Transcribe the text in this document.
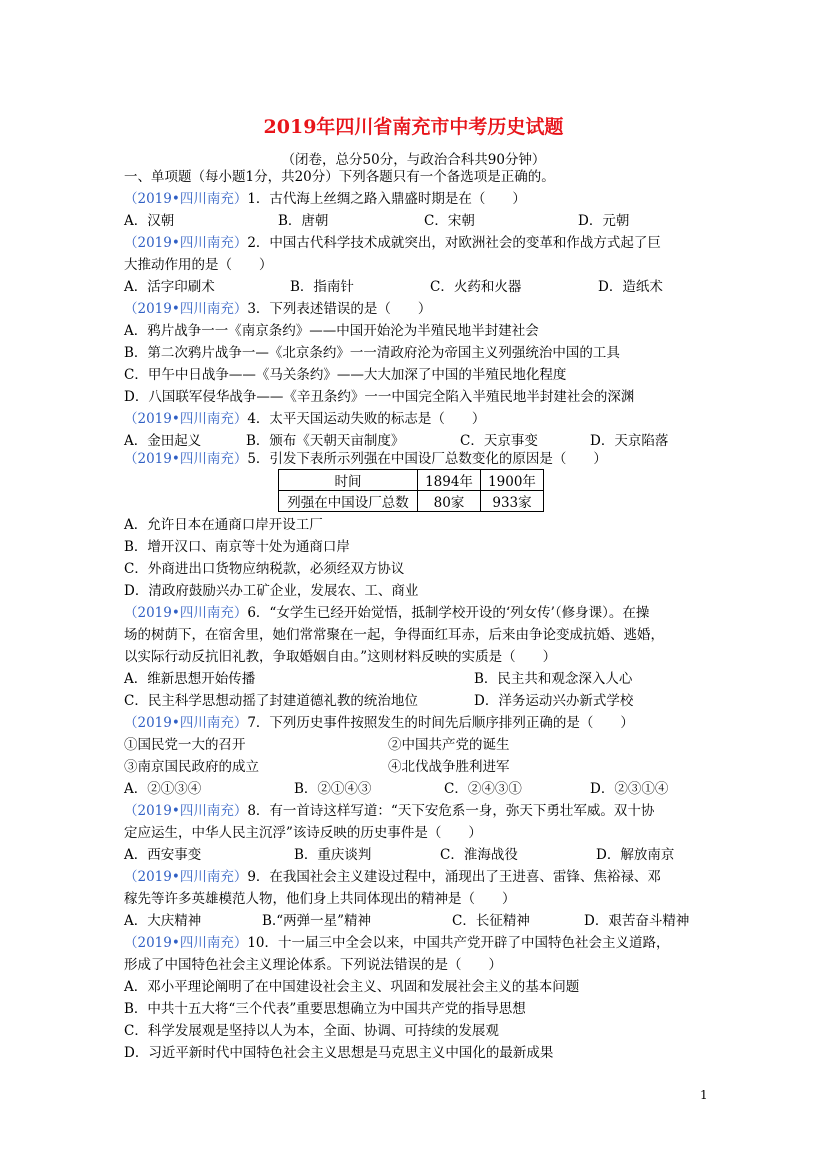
2019年四川省南充市中考历史试题
（闭卷，总分50分，与政治合科共90分钟）
一、单项题（每小题1分，共20分）下列各题只有一个备选项是正确的。
（2019•四川南充）1．古代海上丝绸之路入鼎盛时期是在（　　）
A．汉朝	B．唐朝	C．宋朝	D．元朝
（2019•四川南充）2．中国古代科学技术成就突出，对欧洲社会的变革和作战方式起了巨
大推动作用的是（　　）
A．活字印刷术	B．指南针	C．火药和火器	D．造纸术
（2019•四川南充）3．下列表述错误的是（　　）
A．鸦片战争一一《南京条约》——中国开始沦为半殖民地半封建社会
B．第二次鸦片战争一—《北京条约》一一清政府沦为帝国主义列强统治中国的工具
C．甲午中日战争——《马关条约》——大大加深了中国的半殖民地化程度
D．八国联军侵华战争——《辛丑条约》一一中国完全陷入半殖民地半封建社会的深渊
（2019•四川南充）4．太平天国运动失败的标志是（　　）
A．金田起义	B．颁布《天朝天亩制度》	C．天京事变	D．天京陷落
（2019•四川南充）5．引发下表所示列强在中国设厂总数变化的原因是（　　）
时间	1894年	1900年
列强在中国设厂总数	80家	933家
A．允许日本在通商口岸开设工厂
B．增开汉口、南京等十处为通商口岸
C．外商进出口货物应纳税款，必须经双方协议
D．清政府鼓励兴办工矿企业，发展农、工、商业
（2019•四川南充）6．“女学生已经开始觉悟，抵制学校开设的‘列女传’（修身课）。在操
场的树荫下，在宿舍里，她们常常聚在一起，争得面红耳赤，后来由争论变成抗婚、逃婚，
以实际行动反抗旧礼教，争取婚姻自由。”这则材料反映的实质是（　　）
A．维新思想开始传播	B．民主共和观念深入人心
C．民主科学思想动摇了封建道德礼教的统治地位	D．洋务运动兴办新式学校
（2019•四川南充）7．下列历史事件按照发生的时间先后顺序排列正确的是（　　）
①国民党一大的召开	②中国共产党的诞生
③南京国民政府的成立	④北伐战争胜利进军
A．②①③④	B．②①④③	C．②④③①	D．②③①④
（2019•四川南充）8．有一首诗这样写道：“天下安危系一身，弥天下勇壮军威。双十协
定应运生，中华人民主沉浮”该诗反映的历史事件是（　　）
A．西安事变	B．重庆谈判	C．淮海战役	D．解放南京
（2019•四川南充）9．在我国社会主义建设过程中，涌现出了王进喜、雷锋、焦裕禄、邓
稼先等许多英雄模范人物，他们身上共同体现出的精神是（　　）
A．大庆精神	B.“两弹一星”精神	C．长征精神	D．艰苦奋斗精神
（2019•四川南充）10．十一届三中全会以来，中国共产党开辟了中国特色社会主义道路，
形成了中国特色社会主义理论体系。下列说法错误的是（　　）
A．邓小平理论阐明了在中国建设社会主义、巩固和发展社会主义的基本问题
B．中共十五大将“三个代表”重要思想确立为中国共产党的指导思想
C．科学发展观是坚持以人为本，全面、协调、可持续的发展观
D．习近平新时代中国特色社会主义思想是马克思主义中国化的最新成果
1
